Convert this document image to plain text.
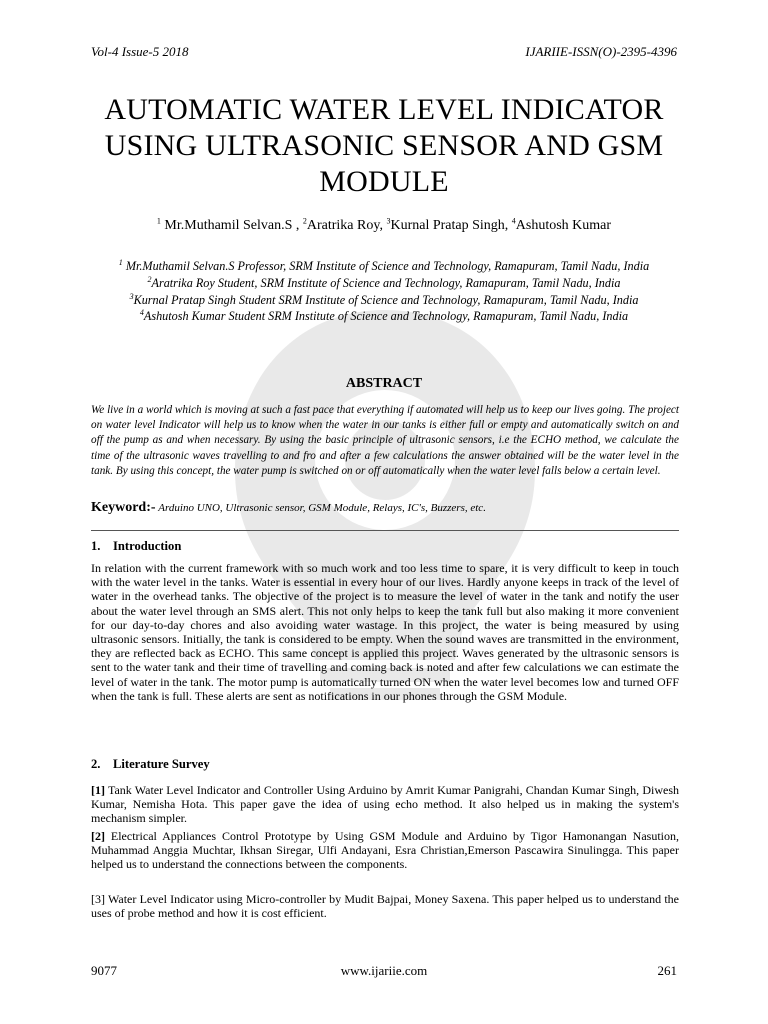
Vol-4 Issue-5 2018	IJARIIE-ISSN(O)-2395-4396
AUTOMATIC WATER LEVEL INDICATOR
USING ULTRASONIC SENSOR AND GSM
MODULE
$^1$ Mr.Muthamil Selvan.S , $^2$Aratrika Roy, $^3$Kurnal Pratap Singh, $^4$Ashutosh Kumar
$^1$ Mr.Muthamil Selvan.S Professor, SRM Institute of Science and Technology, Ramapuram, Tamil Nadu, India
$^2$Aratrika Roy Student, SRM Institute of Science and Technology, Ramapuram, Tamil Nadu, India
$^3$Kurnal Pratap Singh Student SRM Institute of Science and Technology, Ramapuram, Tamil Nadu, India
$^4$Ashutosh Kumar Student SRM Institute of Science and Technology, Ramapuram, Tamil Nadu, India
ABSTRACT
We live in a world which is moving at such a fast pace that everything if automated will help us to keep our lives going. The project on water level Indicator will help us to know when the water in our tanks is either full or empty and automatically switch on and off the pump as and when necessary. By using the basic principle of ultrasonic sensors, i.e the ECHO method, we calculate the time of the ultrasonic waves travelling to and fro and after a few calculations the answer obtained will be the water level in the tank. By using this concept, the water pump is switched on or off automatically when the water level falls below a certain level.
Keyword:- Arduino UNO, Ultrasonic sensor, GSM Module, Relays, IC's, Buzzers, etc.
1. Introduction
In relation with the current framework with so much work and too less time to spare, it is very difficult to keep in touch with the water level in the tanks. Water is essential in every hour of our lives. Hardly anyone keeps in track of the level of water in the overhead tanks. The objective of the project is to measure the level of water in the tank and notify the user about the water level through an SMS alert. This not only helps to keep the tank full but also making it more convenient for our day-to-day chores and also avoiding water wastage. In this project, the water is being measured by using ultrasonic sensors. Initially, the tank is considered to be empty. When the sound waves are transmitted in the environment, they are reflected back as ECHO. This same concept is applied this project. Waves generated by the ultrasonic sensors is sent to the water tank and their time of travelling and coming back is noted and after few calculations we can estimate the level of water in the tank. The motor pump is automatically turned ON when the water level becomes low and turned OFF when the tank is full. These alerts are sent as notifications in our phones through the GSM Module.
2. Literature Survey
[1] Tank Water Level Indicator and Controller Using Arduino by Amrit Kumar Panigrahi, Chandan Kumar Singh, Diwesh Kumar, Nemisha Hota. This paper gave the idea of using echo method. It also helped us in making the system's mechanism simpler.
[2] Electrical Appliances Control Prototype by Using GSM Module and Arduino by Tigor Hamonangan Nasution, Muhammad Anggia Muchtar, Ikhsan Siregar, Ulfi Andayani, Esra Christian,Emerson Pascawira Sinulingga. This paper helped us to understand the connections between the components.
[3] Water Level Indicator using Micro-controller by Mudit Bajpai, Money Saxena. This paper helped us to understand the uses of probe method and how it is cost efficient.
9077	www.ijariie.com	261
